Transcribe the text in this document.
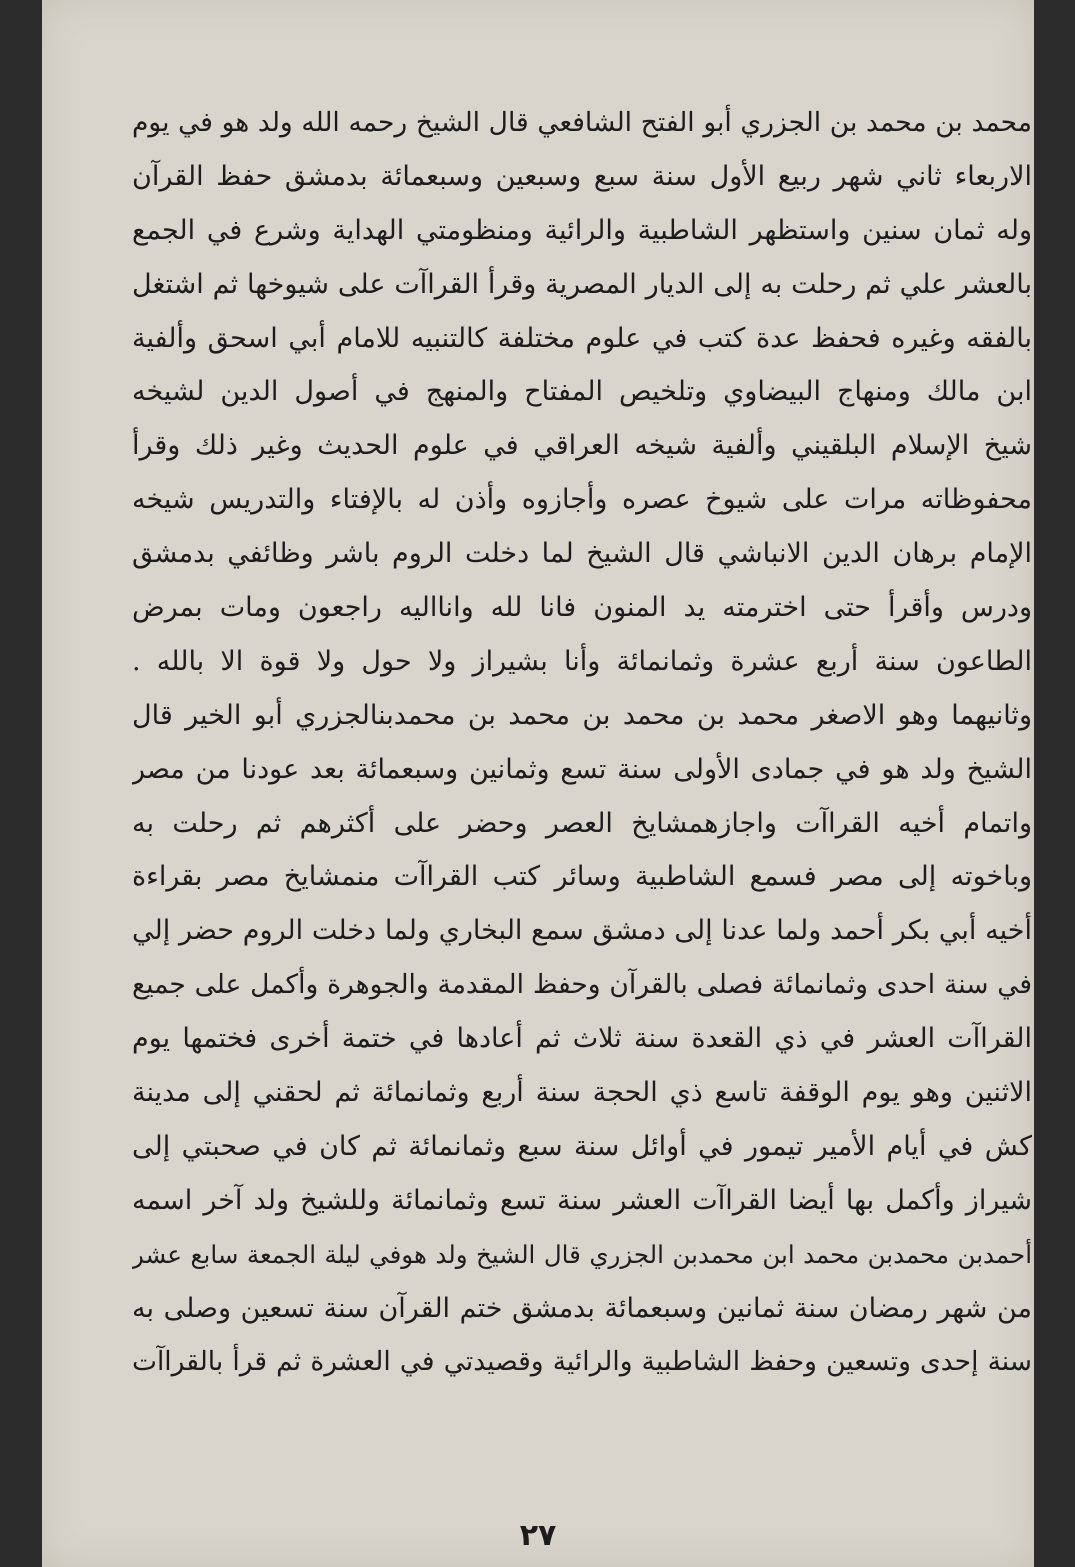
محمد بن محمد بن الجزري أبو الفتح الشافعي قال الشيخ رحمه الله ولد هو في يوم
الاربعاء ثاني شهر ربيع الأول سنة سبع وسبعين وسبعمائة بدمشق حفظ القرآن
وله ثمان سنين واستظهر الشاطبية والرائية ومنظومتي الهداية وشرع في الجمع
بالعشر علي ثم رحلت به إلى الديار المصرية وقرأ القراآت على شيوخها ثم اشتغل
بالفقه وغيره فحفظ عدة كتب في علوم مختلفة كالتنبيه للامام أبي اسحق وألفية
ابن مالك ومنهاج البيضاوي وتلخيص المفتاح والمنهج في أصول الدين لشيخه
شيخ الإسلام البلقيني وألفية شيخه العراقي في علوم الحديث وغير ذلك وقرأ
محفوظاته مرات على شيوخ عصره وأجازوه وأذن له بالإفتاء والتدريس شيخه
الإمام برهان الدين الانباشي قال الشيخ لما دخلت الروم باشر وظائفي بدمشق
ودرس وأقرأ حتى اخترمته يد المنون فانا لله وانااليه راجعون ومات بمرض
الطاعون سنة أربع عشرة وثمانمائة وأنا بشيراز ولا حول ولا قوة الا بالله .
وثانيهما وهو الاصغر محمد بن محمد بن محمد بن محمدبنالجزري أبو الخير قال
الشيخ ولد هو في جمادى الأولى سنة تسع وثمانين وسبعمائة بعد عودنا من مصر
واتمام أخيه القراآت واجازهمشايخ العصر وحضر على أكثرهم ثم رحلت به
وباخوته إلى مصر فسمع الشاطبية وسائر كتب القراآت منمشايخ مصر بقراءة
أخيه أبي بكر أحمد ولما عدنا إلى دمشق سمع البخاري ولما دخلت الروم حضر إلي
في سنة احدى وثمانمائة فصلى بالقرآن وحفظ المقدمة والجوهرة وأكمل على جميع
القراآت العشر في ذي القعدة سنة ثلاث ثم أعادها في ختمة أخرى فختمها يوم
الاثنين وهو يوم الوقفة تاسع ذي الحجة سنة أربع وثمانمائة ثم لحقني إلى مدينة
كش في أيام الأمير تيمور في أوائل سنة سبع وثمانمائة ثم كان في صحبتي إلى
شيراز وأكمل بها أيضا القراآت العشر سنة تسع وثمانمائة وللشيخ ولد آخر اسمه
أحمدبن محمدبن محمد ابن محمدبن الجزري قال الشيخ ولد هوفي ليلة الجمعة سابع عشر
من شهر رمضان سنة ثمانين وسبعمائة بدمشق ختم القرآن سنة تسعين وصلى به
سنة إحدى وتسعين وحفظ الشاطبية والرائية وقصيدتي في العشرة ثم قرأ بالقراآت
٢٧
